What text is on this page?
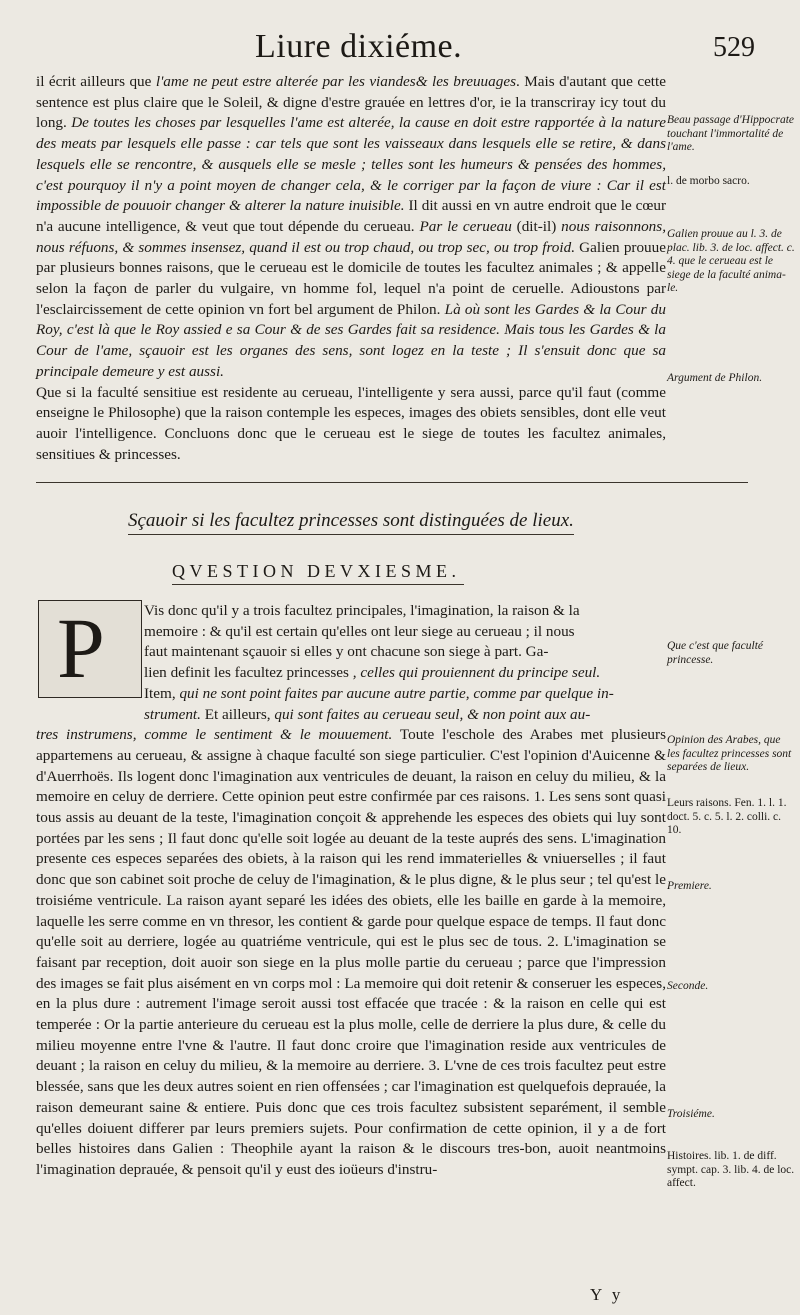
Liure dixiéme.	529

il écrit ailleurs que l'ame ne peut estre alterée par les viandes& les breuuages. Mais d'autant que cette sentence est plus claire que le Soleil, & digne d'estre grauée en lettres d'or, ie la transcriray icy tout du long. De toutes les choses par lesquelles l'ame est alterée, la cause en doit estre rapportée à la nature des meats par lesquels elle passe : car tels que sont les vaisseaux dans lesquels elle se retire, & dans lesquels elle se rencontre, & ausquels elle se mesle ; telles sont les humeurs & pensées des hommes, c'est pourquoy il n'y a point moyen de changer cela, & le corriger par la façon de viure : Car il est impossible de pouuoir changer & alterer la nature inuisible. Il dit aussi en vn autre endroit que le cœur n'a aucune intelligence, & veut que tout dépende du cerueau. Par le cerueau (dit-il) nous raisonnons, nous réfuons, & sommes insensez, quand il est ou trop chaud, ou trop sec, ou trop froid. Galien prouue par plusieurs bonnes raisons, que le cerueau est le domicile de toutes les facultez animales ; & appelle selon la façon de parler du vulgaire, vn homme fol, lequel n'a point de ceruelle. Adioustons par l'esclaircissement de cette opinion vn fort bel argument de Philon. Là où sont les Gardes & la Cour du Roy, c'est là que le Roy assied e sa Cour & de ses Gardes fait sa residence. Mais tous les Gardes & la Cour de l'ame, sçauoir est les organes des sens, sont logez en la teste ; Il s'ensuit donc que sa principale demeure y est aussi.

Que si la faculté sensitiue est residente au cerueau, l'intelligente y sera aussi, parce qu'il faut (comme enseigne le Philosophe) que la raison contemple les especes, images des obiets sensibles, dont elle veut auoir l'intelligence. Concluons donc que le cerueau est le siege de toutes les facultez animales, sensitiues & princesses.

Beau passage d'Hippocrate touchant l'immortalité de l'ame.
l. de morbo sacro.
Galien prouue au l. 3. de plac. lib. 3. de loc. affect. c. 4. que le cerueau est le siege de la faculté anima-le.
Argument de Philon.
Sçauoir si les facultez princesses sont distinguées de lieux.
QVESTION DEVXIESME.
P	Vis donc qu'il y a trois facultez principales, l'imagination, la raison & la
memoire : & qu'il est certain qu'elles ont leur siege au cerueau ; il nous
faut maintenant sçauoir si elles y ont chacune son siege à part. Ga-
lien definit les facultez princesses , celles qui prouiennent du principe seul.
Item, qui ne sont point faites par aucune autre partie, comme par quelque in-
strument. Et ailleurs, qui sont faites au cerueau seul, & non point aux au-
tres instrumens, comme le sentiment & le mouuement. Toute l'eschole des Arabes met plusieurs appartemens au cerueau, & assigne à chaque faculté son siege particulier. C'est l'opinion d'Auicenne & d'Auerrhoës. Ils logent donc l'imagination aux ventricules de deuant, la raison en celuy du milieu, & la memoire en celuy de derriere. Cette opinion peut estre confirmée par ces raisons. 1. Les sens sont quasi tous assis au deuant de la teste, l'imagination conçoit & apprehende les especes des obiets qui luy sont portées par les sens ; Il faut donc qu'elle soit logée au deuant de la teste auprés des sens. L'imagination presente ces especes separées des obiets, à la raison qui les rend immaterielles & vniuerselles ; il faut donc que son cabinet soit proche de celuy de l'imagination, & le plus digne, & le plus seur ; tel qu'est le troisiéme ventricule. La raison ayant separé les idées des obiets, elle les baille en garde à la memoire, laquelle les serre comme en vn thresor, les contient & garde pour quelque espace de temps. Il faut donc qu'elle soit au derriere, logée au quatriéme ventricule, qui est le plus sec de tous. 2. L'imagination se faisant par reception, doit auoir son siege en la plus molle partie du cerueau ; parce que l'impression des images se fait plus aisément en vn corps mol : La memoire qui doit retenir & conseruer les especes, en la plus dure : autrement l'image seroit aussi tost effacée que tracée : & la raison en celle qui est temperée : Or la partie anterieure du cerueau est la plus molle, celle de derriere la plus dure, & celle du milieu moyenne entre l'vne & l'autre. Il faut donc croire que l'imagination reside aux ventricules de deuant ; la raison en celuy du milieu, & la memoire au derriere. 3. L'vne de ces trois facultez peut estre blessée, sans que les deux autres soient en rien offensées ; car l'imagination est quelquefois deprauée, la raison demeurant saine & entiere. Puis donc que ces trois facultez subsistent separément, il semble qu'elles doiuent differer par leurs premiers sujets. Pour confirmation de cette opinion, il y a de fort belles histoires dans Galien : Theophile ayant la raison & le discours tres-bon, auoit neantmoins l'imagination deprauée, & pensoit qu'il y eust des ioüeurs d'instru-

Que c'est que faculté princesse.
Opinion des Arabes, que les facultez princesses sont separées de lieux.
Leurs raisons. Fen. 1. l. 1. doct. 5. c. 5. l. 2. colli. c. 10.
Premiere.
Seconde.
Troisiéme.
Histoires. lib. 1. de diff. sympt. cap. 3. lib. 4. de loc. affect.
Y y
